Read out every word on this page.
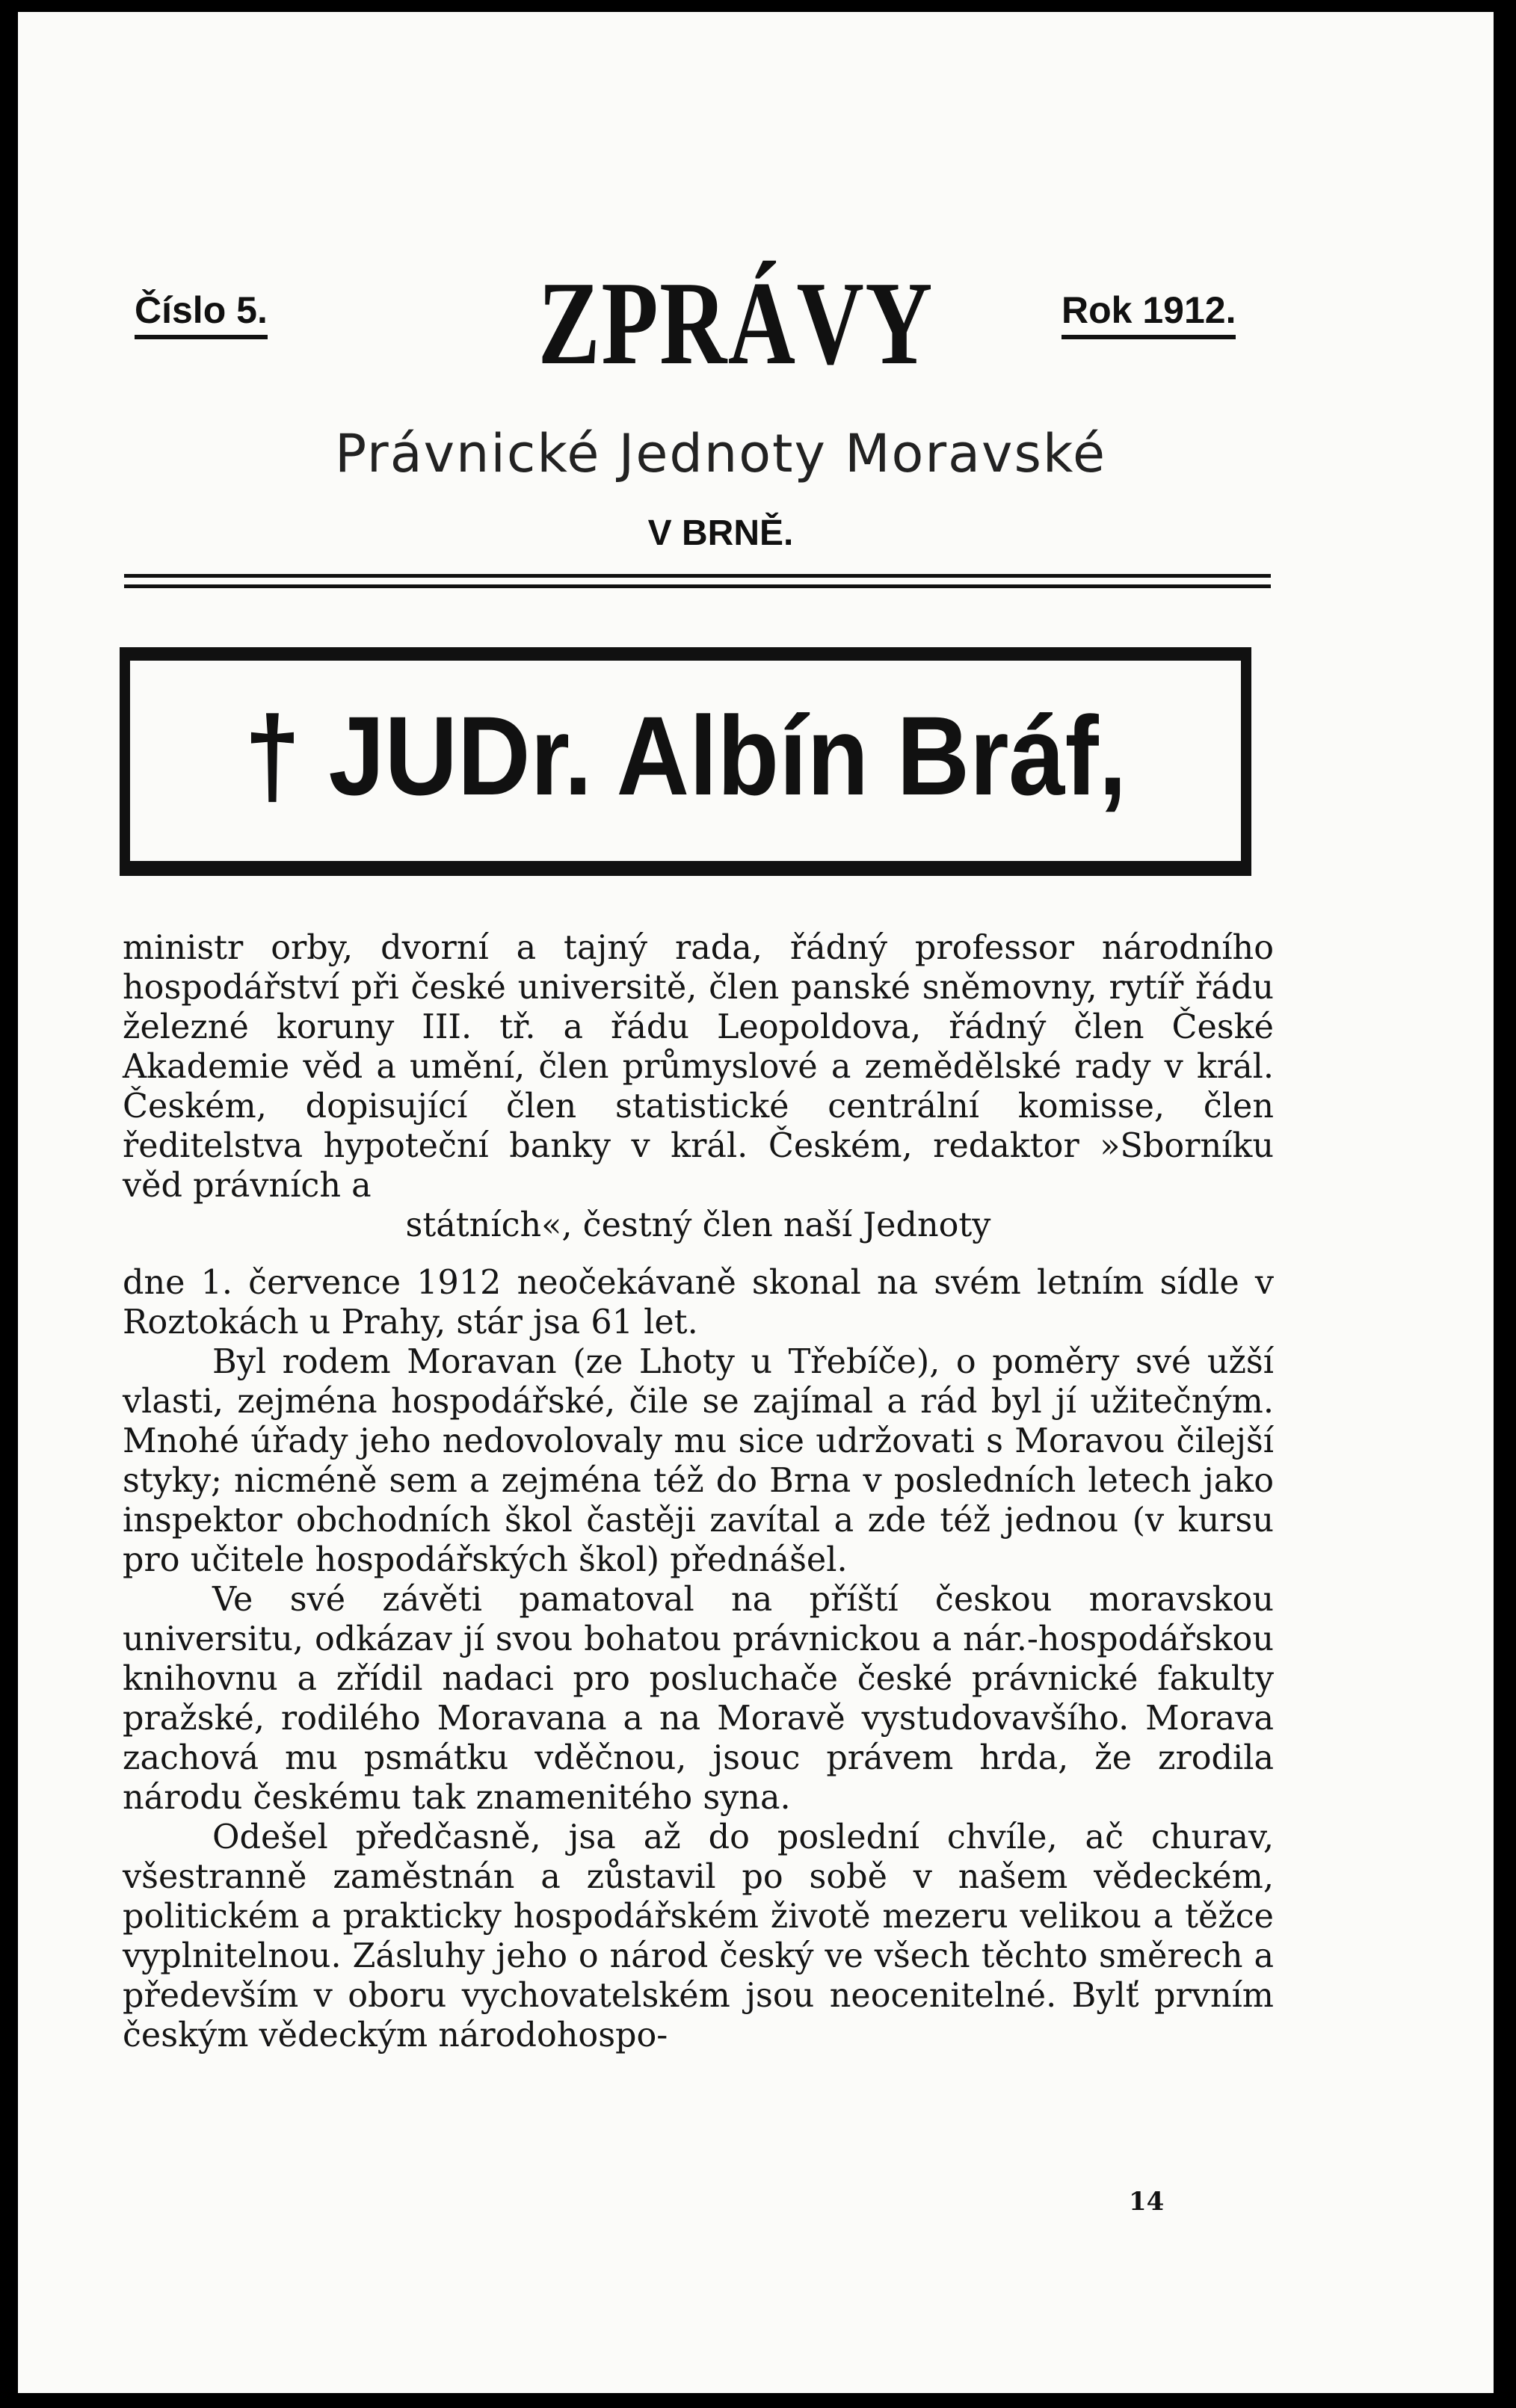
Číslo 5. ZPRÁVY	Rok 1912.
Právnické Jednoty Moravské
V BRNĚ.
† JUDr. Albín Bráf,

ministr orby, dvorní a tajný rada, řádný professor národního hospodářství při české universitě, člen panské sněmovny, rytíř řádu železné koruny III. tř. a řádu Leopoldova, řádný člen České Akademie věd a umění, člen průmyslové a zemědělské rady v král. Českém, dopisující člen statistické centrální komisse, člen ředitelstva hypoteční banky v král. Českém, redaktor »Sborníku věd právních a

státních«, čestný člen naší Jednoty

dne 1. července 1912 neočekávaně skonal na svém letním sídle v Roztokách u Prahy, stár jsa 61 let.

Byl rodem Moravan (ze Lhoty u Třebíče), o poměry své užší vlasti, zejména hospodářské, čile se zajímal a rád byl jí užitečným. Mnohé úřady jeho nedovolovaly mu sice udržovati s Moravou čilejší styky; nicméně sem a zejména též do Brna v posledních letech jako inspektor obchodních škol častěji zavítal a zde též jednou (v kursu pro učitele hospodářských škol) přednášel.

Ve své závěti pamatoval na příští českou moravskou universitu, odkázav jí svou bohatou právnickou a nár.-hospodářskou knihovnu a zřídil nadaci pro posluchače české právnické fakulty pražské, rodilého Moravana a na Moravě vystudovavšího. Morava zachová mu psmátku vděčnou, jsouc právem hrda, že zrodila národu českému tak znamenitého syna.

Odešel předčasně, jsa až do poslední chvíle, ač churav, všestranně zaměstnán a zůstavil po sobě v našem vědeckém, politickém a prakticky hospodářském životě mezeru velikou a těžce vyplnitelnou. Zásluhy jeho o národ český ve všech těchto směrech a především v oboru vychovatelském jsou neocenitelné. Bylť prvním českým vědeckým národohospo-

14
